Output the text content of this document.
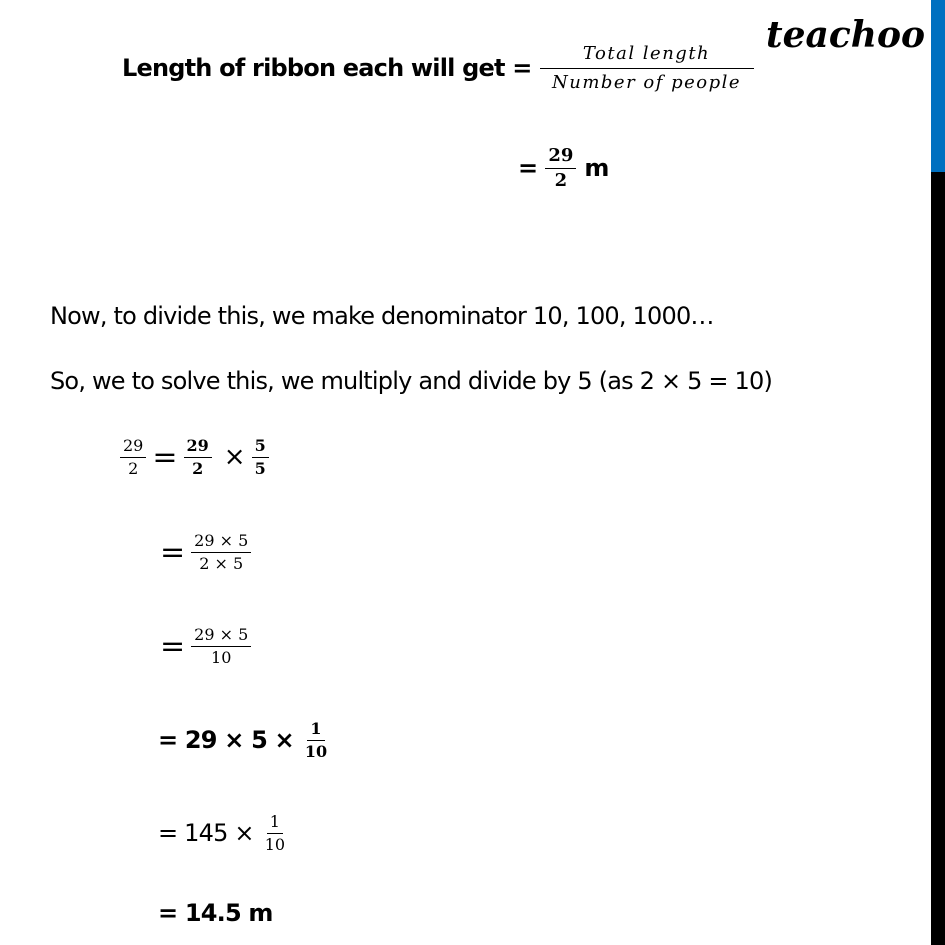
teachoo
Length of ribbon each will get = $\frac{\text{Total length}}{\text{Number of people}}$
= $\frac{29}{2}$ m
Now, to divide this, we make denominator 10, 100, 1000…
So, we to solve this, we multiply and divide by 5 (as 2 × 5 = 10)
$\frac{29}{2} = \frac{29}{2} \times \frac{5}{5}$
= $\frac{29 \times 5}{2 \times 5}$
= $\frac{29 \times 5}{10}$
= $29 \times 5 \times \frac{1}{10}$
= $145 \times \frac{1}{10}$
= 14.5 m
